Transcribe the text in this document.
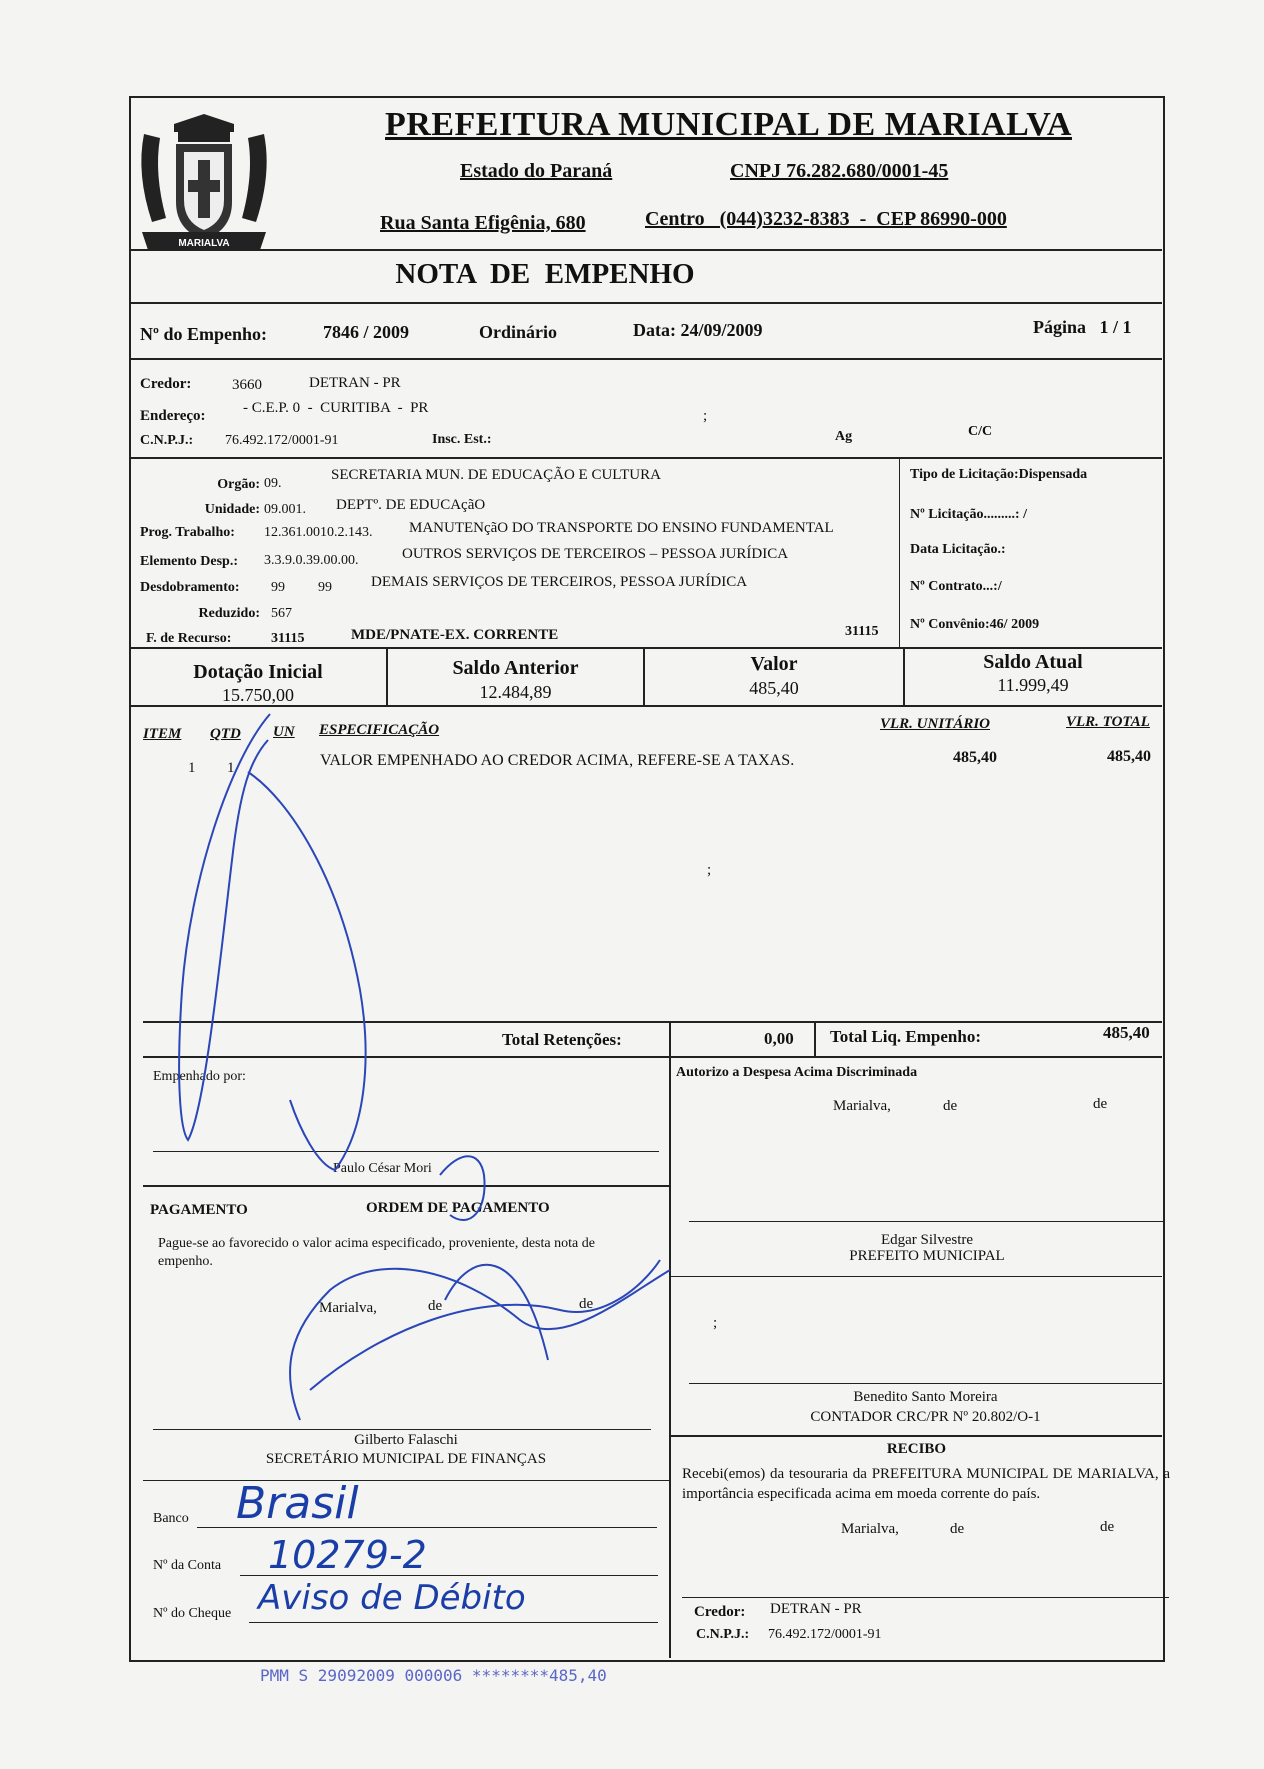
MARIALVA
PREFEITURA MUNICIPAL DE MARIALVA
Estado do Paraná	CNPJ 76.282.680/0001-45
Rua Santa Efigênia, 680	Centro   (044)3232-8383  -  CEP 86990-000
NOTA  DE  EMPENHO
Nº do Empenho:	7846 / 2009	Ordinário	Data: 24/09/2009	Página   1 / 1
Credor:	3660	DETRAN - PR
Endereço: - C.E.P. 0  -  CURITIBA  -  PR	;
C.N.P.J.: 76.492.172/0001-91	Insc. Est.:	Ag	C/C
Orgão: 09.
SECRETARIA MUN. DE EDUCAÇÃO E CULTURA
Unidade: 09.001. DEPTº. DE EDUCAçãO
Prog. Trabalho: 12.361.0010.2.143. MANUTENçãO DO TRANSPORTE DO ENSINO FUNDAMENTAL
Elemento Desp.: 3.3.9.0.39.00.00.	OUTROS SERVIÇOS DE TERCEIROS – PESSOA JURÍDICA
Desdobramento: 99 99	DEMAIS SERVIÇOS DE TERCEIROS, PESSOA JURÍDICA
Reduzido: 567
F. de Recurso:	31115	MDE/PNATE-EX. CORRENTE	31115
Tipo de Licitação:Dispensada
Nº Licitação.........: /
Data Licitação.:
Nº Contrato...:/
Nº Convênio:46/ 2009
Dotação Inicial
15.750,00
Saldo Anterior
12.484,89
Valor
485,40
Saldo Atual
11.999,49
ITEM QTD UN ESPECIFICAÇÃO	VLR. UNITÁRIO	VLR. TOTAL
1 1	VALOR EMPENHADO AO CREDOR ACIMA, REFERE-SE A TAXAS.	485,40	485,40
;
Total Retenções:	0,00 Total Liq. Empenho:	485,40
Empenhado por:
Paulo César Mori
Autorizo a Despesa Acima Discriminada
Marialva,	de	de
Edgar Silvestre
PREFEITO MUNICIPAL
PAGAMENTO	ORDEM DE PAGAMENTO
Pague-se ao favorecido o valor acima especificado, proveniente, desta nota de empenho.
Marialva,	de	de
;
Gilberto Falaschi
SECRETÁRIO MUNICIPAL DE FINANÇAS
Benedito Santo Moreira
CONTADOR CRC/PR Nº 20.802/O-1
RECIBO
Recebi(emos) da tesouraria da PREFEITURA MUNICIPAL DE MARIALVA, a importância especificada acima em moeda corrente do país.
Marialva,	de	de
Credor: DETRAN - PR
C.N.P.J.: 76.492.172/0001-91
Banco Brasil
Nº da Conta 10279-2
Nº do Cheque Aviso de Débito
PMM S 29092009 000006 ********485,40
